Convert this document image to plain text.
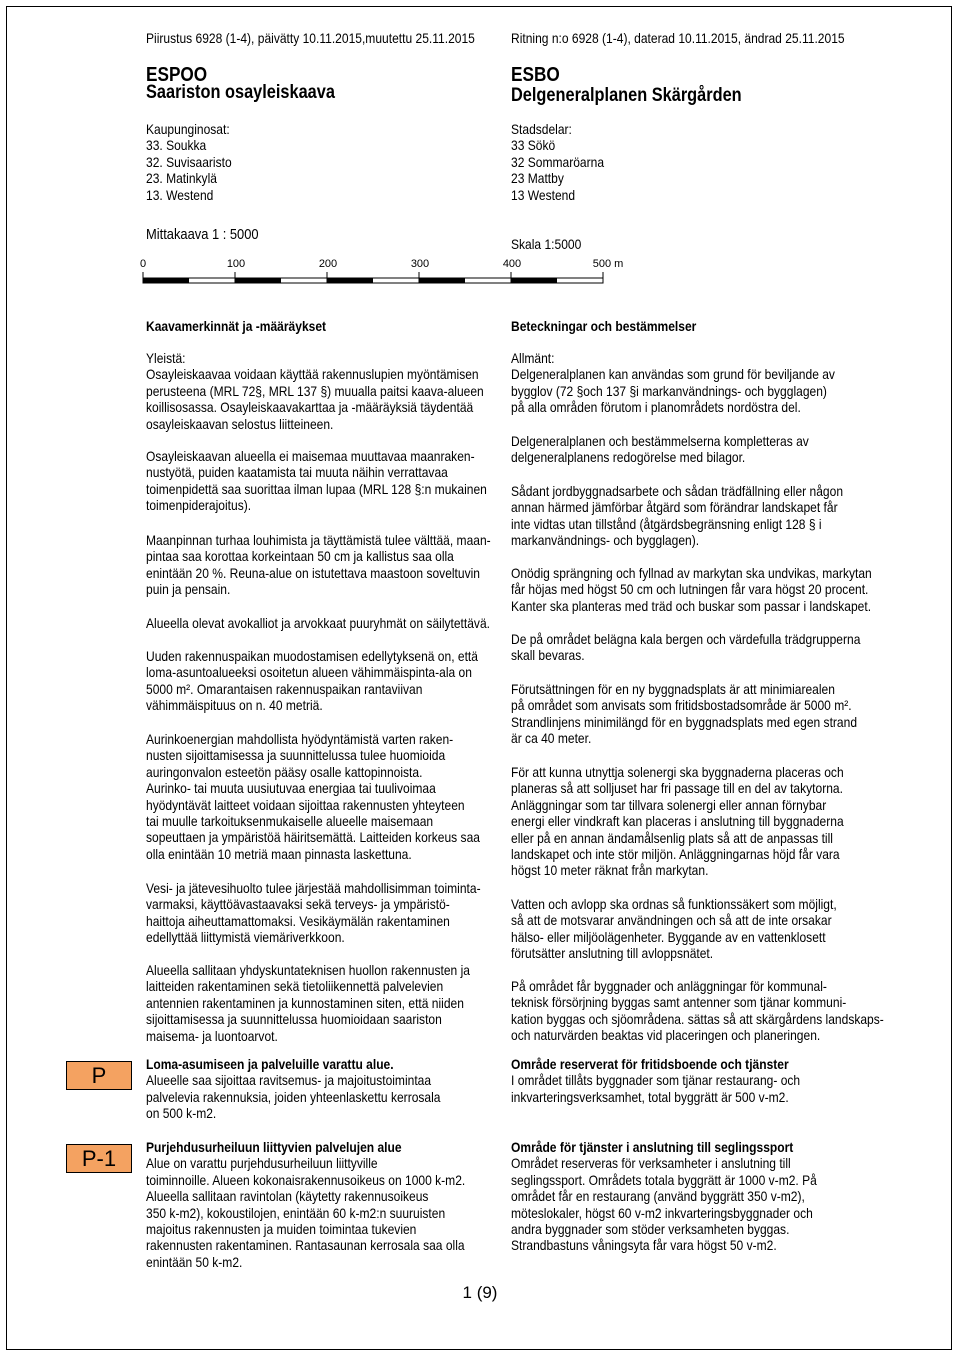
Piirustus 6928 (1-4), päivätty 10.11.2015,muutettu 25.11.2015	Ritning n:o 6928 (1-4), daterad 10.11.2015, ändrad 25.11.2015
ESPOO
Saariston osayleiskaava
ESBO
Delgeneralplanen Skärgården
Kaupunginosat:
33. Soukka
32. Suvisaaristo
23. Matinkylä
13. Westend
Stadsdelar:
33 Sökö
32 Sommaröarna
23 Mattby
13 Westend
Mittakaava 1 : 5000
Skala 1:5000
0	100	200	300	400	500 m
Kaavamerkinnät ja -määräykset	Beteckningar och bestämmelser
Yleistä:
Osayleiskaavaa voidaan käyttää rakennuslupien myöntämisen
perusteena (MRL 72§, MRL 137 §) muualla paitsi kaava-alueen
koillisosassa. Osayleiskaavakarttaa ja -määräyksiä täydentää
osayleiskaavan selostus liitteineen.
Osayleiskaavan alueella ei maisemaa muuttavaa maanraken-
nustyötä, puiden kaatamista tai muuta näihin verrattavaa
toimenpidettä saa suorittaa ilman lupaa (MRL 128 §:n mukainen
toimenpiderajoitus).
Maanpinnan turhaa louhimista ja täyttämistä tulee välttää, maan-
pintaa saa korottaa korkeintaan 50 cm ja kallistus saa olla
enintään 20 %. Reuna-alue on istutettava maastoon soveltuvin
puin ja pensain.
Alueella olevat avokalliot ja arvokkaat puuryhmät on säilytettävä.
Uuden rakennuspaikan muodostamisen edellytyksenä on, että
loma-asuntoalueeksi osoitetun alueen vähimmäispinta-ala on
5000 m². Omarantaisen rakennuspaikan rantaviivan
vähimmäispituus on n. 40 metriä.
Aurinkoenergian mahdollista hyödyntämistä varten raken-
nusten sijoittamisessa ja suunnittelussa tulee huomioida
auringonvalon esteetön pääsy osalle kattopinnoista.
Aurinko- tai muuta uusiutuvaa energiaa tai tuulivoimaa
hyödyntävät laitteet voidaan sijoittaa rakennusten yhteyteen
tai muulle tarkoituksenmukaiselle alueelle maisemaan
sopeuttaen ja ympäristöä häiritsemättä. Laitteiden korkeus saa
olla enintään 10 metriä maan pinnasta laskettuna.
Vesi- ja jätevesihuolto tulee järjestää mahdollisimman toiminta-
varmaksi, käyttöävastaavaksi sekä terveys- ja ympäristö-
haittoja aiheuttamattomaksi. Vesikäymälän rakentaminen
edellyttää liittymistä viemäriverkkoon.
Alueella sallitaan yhdyskuntateknisen huollon rakennusten ja
laitteiden rakentaminen sekä tietoliikennettä palvelevien
antennien rakentaminen ja kunnostaminen siten, että niiden
sijoittamisessa ja suunnittelussa huomioidaan saariston
maisema- ja luontoarvot.
P
P-1
Loma-asumiseen ja palveluille varattu alue.
Alueelle saa sijoittaa ravitsemus- ja majoitustoimintaa
palvelevia rakennuksia, joiden yhteenlaskettu kerrosala
on 500 k-m2.
Purjehdusurheiluun liittyvien palvelujen alue
Alue on varattu purjehdusurheiluun liittyville
toiminnoille. Alueen kokonaisrakennusoikeus on 1000 k-m2.
Alueella sallitaan ravintolan (käytetty rakennusoikeus
350 k-m2), kokoustilojen, enintään 60 k-m2:n suuruisten
majoitus rakennusten ja muiden toimintaa tukevien
rakennusten rakentaminen. Rantasaunan kerrosala saa olla
enintään 50 k-m2.
Allmänt:
Delgeneralplanen kan användas som grund för beviljande av
bygglov (72 §och 137 §i markanvändnings- och bygglagen)
på alla områden förutom i planområdets nordöstra del.
Delgeneralplanen och bestämmelserna kompletteras av
delgeneralplanens redogörelse med bilagor.
Sådant jordbyggnadsarbete och sådan trädfällning eller någon
annan härmed jämförbar åtgärd som förändrar landskapet får
inte vidtas utan tillstånd (åtgärdsbegränsning enligt 128 § i
markanvändnings- och bygglagen).
Onödig sprängning och fyllnad av markytan ska undvikas, markytan
får höjas med högst 50 cm och lutningen får vara högst 20 procent.
Kanter ska planteras med träd och buskar som passar i landskapet.
De på området belägna kala bergen och värdefulla trädgrupperna
skall bevaras.
Förutsättningen för en ny byggnadsplats är att minimiarealen
på området som anvisats som fritidsbostadsområde är 5000 m².
Strandlinjens minimilängd för en byggnadsplats med egen strand
är ca 40 meter.
För att kunna utnyttja solenergi ska byggnaderna placeras och
planeras så att solljuset har fri passage till en del av takytorna.
Anläggningar som tar tillvara solenergi eller annan förnybar
energi eller vindkraft kan placeras i anslutning till byggnaderna
eller på en annan ändamålsenlig plats så att de anpassas till
landskapet och inte stör miljön. Anläggningarnas höjd får vara
högst 10 meter räknat från markytan.
Vatten och avlopp ska ordnas så funktionssäkert som möjligt,
så att de motsvarar användningen och så att de inte orsakar
hälso- eller miljöolägenheter. Byggande av en vattenklosett
förutsätter anslutning till avloppsnätet.
På området får byggnader och anläggningar för kommunal-
teknisk försörjning byggas samt antenner som tjänar kommuni-
kation byggas och sjöområdena. sättas så att skärgårdens landskaps-
och naturvärden beaktas vid placeringen och planeringen.
Område reserverat för fritidsboende och tjänster
I området tillåts byggnader som tjänar restaurang- och
inkvarteringsverksamhet, total byggrätt är 500 v-m2.
Område för tjänster i anslutning till seglingssport
Området reserveras för verksamheter i anslutning till
seglingssport. Områdets totala byggrätt är 1000 v-m2. På
området får en restaurang (använd byggrätt 350 v-m2),
möteslokaler, högst 60 v-m2 inkvarteringsbyggnader och
andra byggnader som stöder verksamheten byggas.
Strandbastuns våningsyta får vara högst 50 v-m2.
1 (9)
